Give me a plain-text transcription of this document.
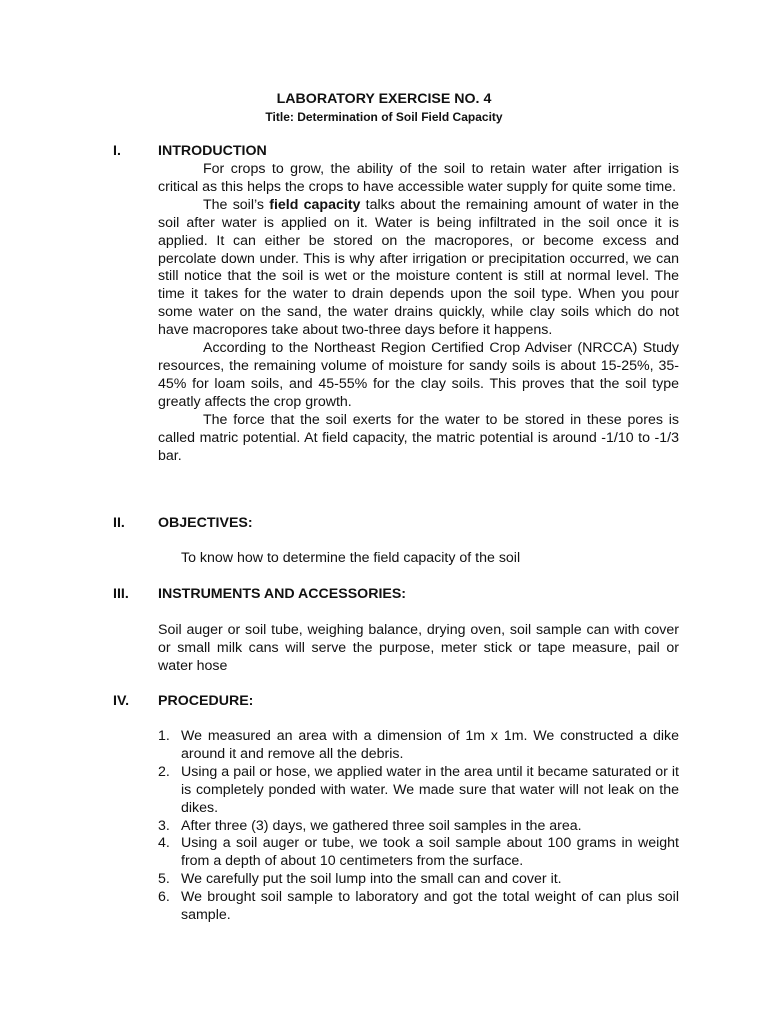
LABORATORY EXERCISE NO. 4
Title: Determination of Soil Field Capacity
I.	INTRODUCTION

For crops to grow, the ability of the soil to retain water after irrigation is critical as this helps the crops to have accessible water supply for quite some time.

The soil’s field capacity talks about the remaining amount of water in the soil after water is applied on it. Water is being infiltrated in the soil once it is applied. It can either be stored on the macropores, or become excess and percolate down under. This is why after irrigation or precipitation occurred, we can still notice that the soil is wet or the moisture content is still at normal level. The time it takes for the water to drain depends upon the soil type. When you pour some water on the sand, the water drains quickly, while clay soils which do not have macropores take about two-three days before it happens.

According to the Northeast Region Certified Crop Adviser (NRCCA) Study resources, the remaining volume of moisture for sandy soils is about 15-25%, 35-45% for loam soils, and 45-55% for the clay soils. This proves that the soil type greatly affects the crop growth.

The force that the soil exerts for the water to be stored in these pores is called matric potential. At field capacity, the matric potential is around -1/10 to -1/3 bar.

II. OBJECTIVES:
To know how to determine the field capacity of the soil
III. INSTRUMENTS AND ACCESSORIES:
Soil auger or soil tube, weighing balance, drying oven, soil sample can with cover or small milk cans will serve the purpose, meter stick or tape measure, pail or water hose
IV. PROCEDURE:
1. We measured an area with a dimension of 1m x 1m. We constructed a dike around it and remove all the debris.
2. Using a pail or hose, we applied water in the area until it became saturated or it is completely ponded with water. We made sure that water will not leak on the dikes.
3. After three (3) days, we gathered three soil samples in the area.
4. Using a soil auger or tube, we took a soil sample about 100 grams in weight from a depth of about 10 centimeters from the surface.
5. We carefully put the soil lump into the small can and cover it.
6. We brought soil sample to laboratory and got the total weight of can plus soil sample.
